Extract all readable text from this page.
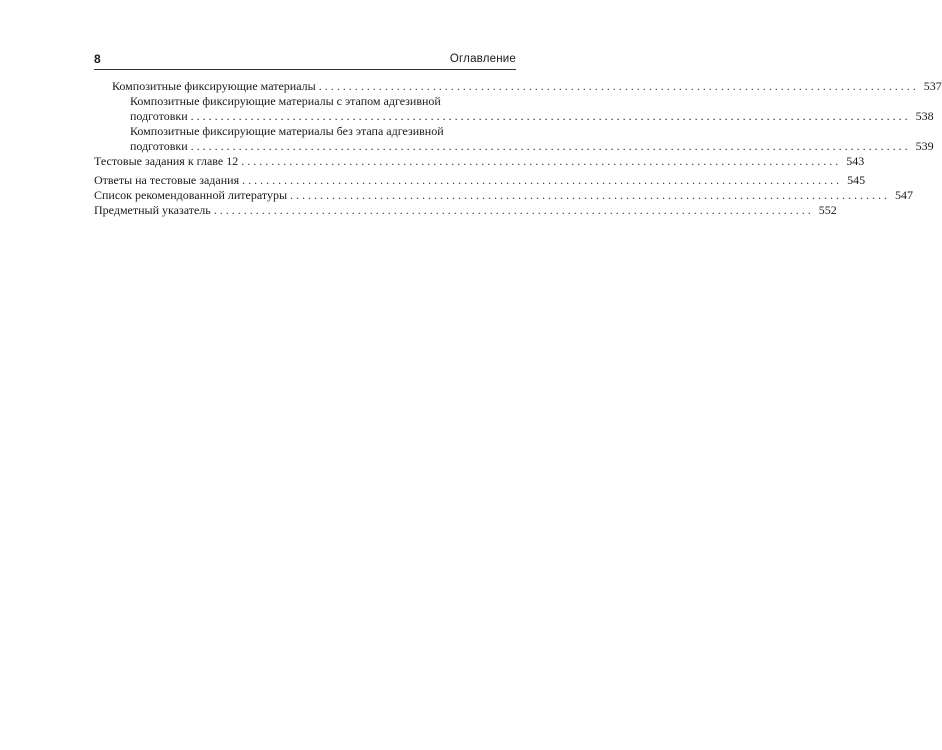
8	Оглавление
Композитные фиксирующие материалы . . .	537
Композитные фиксирующие материалы с этапом адгезивной
подготовки . . . . . . . . . . . . . . . . . . . . . . . . . . . . . . . . . . . . . . . . . . . . . . . . . . . . . . . . . . . . . . . . . . . . . . . . . . . . . . . . . . . . . . . . . . . . . . . . . . . . . . . . . . . . . . . . . . . . . . . . 538
Композитные фиксирующие материалы без этапа адгезивной
подготовки . . . . . . . . . . . . . . . . . . . . . . . . . . . . . . . . . . . . . . . . . . . . . . . . . . . . . . . . . . . . . . . . . . . . . . . . . . . . . . . . . . . . . . . . . . . . . . . . . . . . . . . . . . . . . . . . . . . . . . . . 539
Тестовые задания к главе 12 . . .	543
Ответы на тестовые задания . . .	545
Список рекомендованной литературы . . .	547
Предметный указатель . . .	552
